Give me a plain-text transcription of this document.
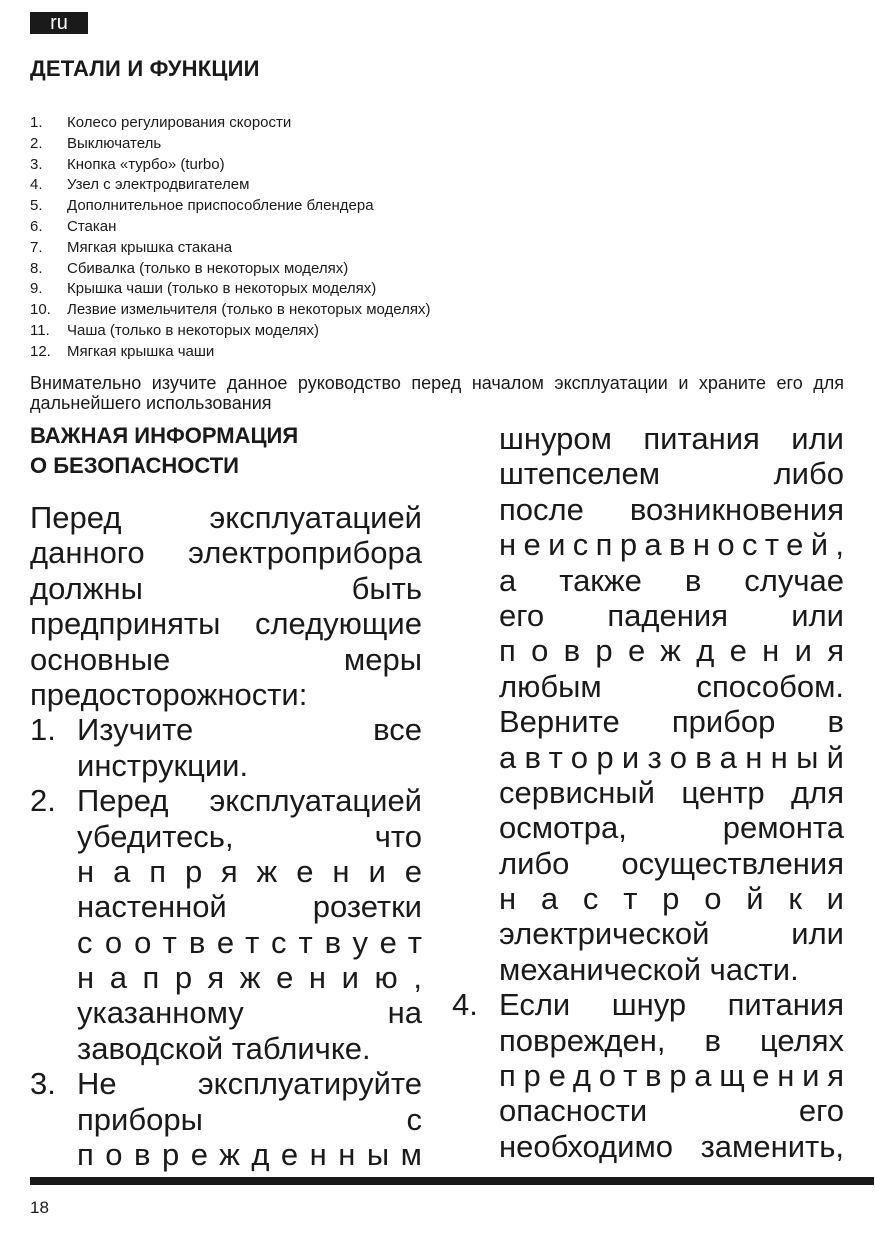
ru
ДЕТАЛИ И ФУНКЦИИ
1.	Колесо регулирования скорости
2.	Выключатель
3.	Кнопка «турбо» (turbo)
4.	Узел с электродвигателем
5.	Дополнительное приспособление блендера
6.	Стакан
7.	Мягкая крышка стакана
8.	Сбивалка (только в некоторых моделях)
9.	Крышка чаши (только в некоторых моделях)
10.	Лезвие измельчителя (только в некоторых моделях)
11.	Чаша (только в некоторых моделях)
12.	Мягкая крышка чаши

Внимательно изучите данное руководство перед началом эксплуатации и храните его для дальнейшего использования

ВАЖНАЯ ИНФОРМАЦИЯ
О БЕЗОПАСНОСТИ
Перед эксплуатацией
данного электроприбора
должны быть
предприняты следующие
основные меры
предосторожности:
1. Изучите все
инструкции.
2. Перед эксплуатацией
убедитесь, что
напряжение
настенной розетки
соответствует
напряжению,
указанному на
заводской табличке.
3. Не эксплуатируйте
приборы с
поврежденным
шнуром питания или
штепселем либо
после возникновения
неисправностей,
а также в случае
его падения или
повреждения
любым способом.
Верните прибор в
авторизованный
сервисный центр для
осмотра, ремонта
либо осуществления
настройки
электрической или
механической части.
4. Если шнур питания
поврежден, в целях
предотвращения
опасности его
необходимо заменить,
18
